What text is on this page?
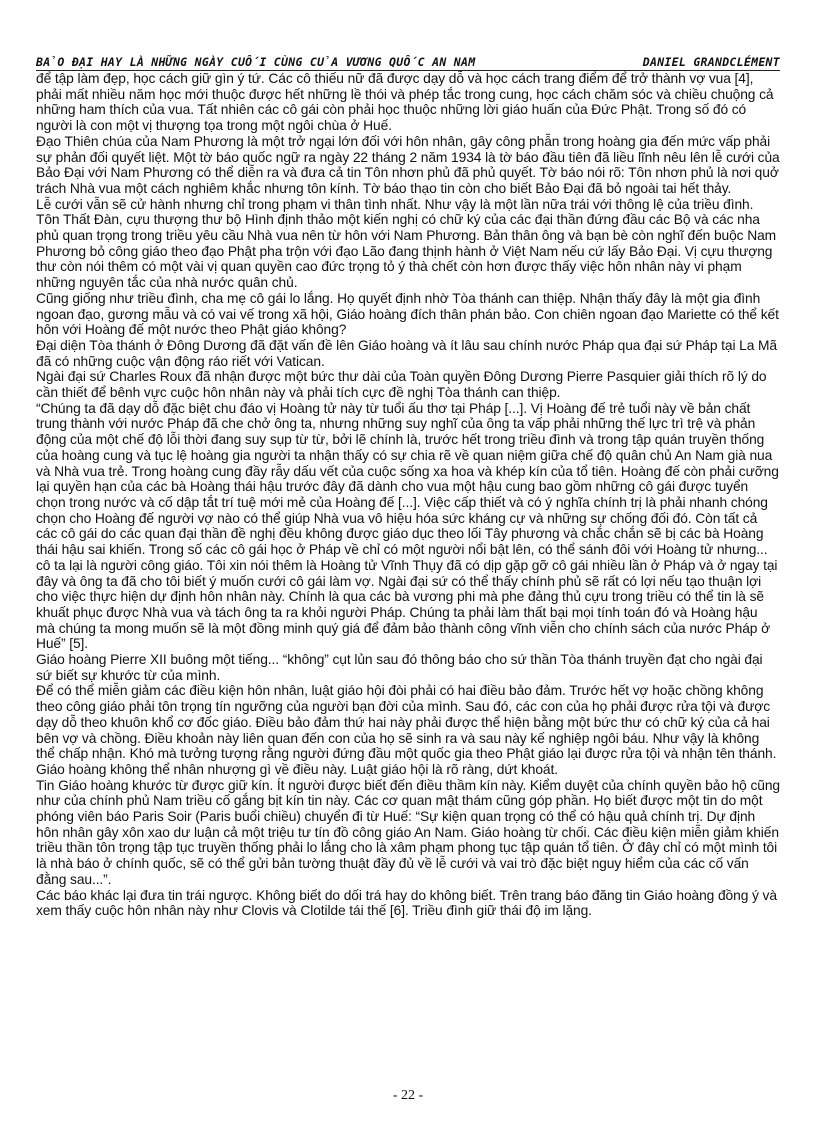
BẢO ĐẠI HAY LÀ NHỮNG NGÀY CUỐI CÙNG CỦA VƯƠNG QUỐC AN NAM	DANIEL GRANDCLÉMENT

để tập làm đẹp, học cách giữ gìn ý tứ. Các cô thiếu nữ đã được dạy dỗ và học cách trang điểm để trở thành vợ vua [4], phải mất nhiều năm học mới thuộc được hết những lề thói và phép tắc trong cung, học cách chăm sóc và chiều chuộng cả những ham thích của vua. Tất nhiên các cô gái còn phải học thuộc những lời giáo huấn của Đức Phật. Trong số đó có người là con một vị thượng tọa trong một ngôi chùa ở Huế.

Đạo Thiên chúa của Nam Phương là một trở ngại lớn đối với hôn nhân, gây công phẫn trong hoàng gia đến mức vấp phải sự phản đối quyết liệt. Một tờ báo quốc ngữ ra ngày 22 tháng 2 năm 1934 là tờ báo đầu tiên đã liều lĩnh nêu lên lễ cưới của Bảo Đại với Nam Phương có thể diễn ra và đưa cả tin Tôn nhơn phủ đã phủ quyết. Tờ báo nói rõ: Tôn nhơn phủ là nơi quở trách Nhà vua một cách nghiêm khắc nhưng tôn kính. Tờ báo thạo tin còn cho biết Bảo Đại đã bỏ ngoài tai hết thảy.

Lễ cưới vẫn sẽ cử hành nhưng chỉ trong phạm vi thân tình nhất. Như vậy là một lần nữa trái với thông lệ của triều đình.

Tôn Thất Đàn, cựu thượng thư bộ Hình định thảo một kiến nghị có chữ ký của các đại thần đứng đầu các Bộ và các nha phủ quan trọng trong triều yêu cầu Nhà vua nên từ hôn với Nam Phương. Bản thân ông và bạn bè còn nghĩ đến buộc Nam Phương bỏ công giáo theo đạo Phật pha trộn với đạo Lão đang thịnh hành ở Việt Nam nếu cứ lấy Bảo Đại. Vị cựu thượng thư còn nói thêm có một vài vị quan quyền cao đức trọng tỏ ý thà chết còn hơn được thấy việc hôn nhân này vi phạm những nguyên tắc của nhà nước quân chủ.

Cũng giống như triều đình, cha mẹ cô gái lo lắng. Họ quyết định nhờ Tòa thánh can thiệp. Nhận thấy đây là một gia đình ngoan đạo, gương mẫu và có vai vế trong xã hội, Giáo hoàng đích thân phán bảo. Con chiên ngoan đạo Mariette có thể kết hôn với Hoàng đế một nước theo Phật giáo không?

Đại diện Tòa thánh ở Đông Dương đã đặt vấn đề lên Giáo hoàng và ít lâu sau chính nước Pháp qua đại sứ Pháp tại La Mã đã có những cuộc vận động ráo riết với Vatican.

Ngài đại sứ Charles Roux đã nhận được một bức thư dài của Toàn quyền Đông Dương Pierre Pasquier giải thích rõ lý do cần thiết để bênh vực cuộc hôn nhân này và phải tích cực đề nghị Tòa thánh can thiệp.

“Chúng ta đã dạy dỗ đặc biệt chu đáo vị Hoàng tử này từ tuổi ấu thơ tại Pháp [...]. Vị Hoàng đế trẻ tuổi này về bản chất trung thành với nước Pháp đã che chở ông ta, nhưng những suy nghĩ của ông ta vấp phải những thế lực trì trệ và phản động của một chế độ lỗi thời đang suy sụp từ từ, bởi lẽ chính là, trước hết trong triều đình và trong tập quán truyền thống của hoàng cung và tục lệ hoàng gia người ta nhận thấy có sự chia rẽ về quan niệm giữa chế độ quân chủ An Nam già nua và Nhà vua trẻ. Trong hoàng cung đầy rẫy dấu vết của cuộc sống xa hoa và khép kín của tổ tiên. Hoàng đế còn phải cưỡng lại quyền hạn của các bà Hoàng thái hậu trước đây đã dành cho vua một hậu cung bao gồm những cô gái được tuyển chọn trong nước và cố dập tắt trí tuệ mới mẻ của Hoàng đế [...]. Việc cấp thiết và có ý nghĩa chính trị là phải nhanh chóng chọn cho Hoàng đế người vợ nào có thể giúp Nhà vua vô hiệu hóa sức kháng cự và những sự chống đối đó. Còn tất cả các cô gái do các quan đại thần đề nghị đều không được giáo dục theo lối Tây phương và chắc chắn sẽ bị các bà Hoàng thái hậu sai khiến. Trong số các cô gái học ở Pháp về chỉ có một người nổi bật lên, có thể sánh đôi với Hoàng tử nhưng... cô ta lại là người công giáo. Tôi xin nói thêm là Hoàng tử Vĩnh Thụy đã có dịp gặp gỡ cô gái nhiều lần ở Pháp và ở ngay tại đây và ông ta đã cho tôi biết ý muốn cưới cô gái làm vợ. Ngài đại sứ có thể thấy chính phủ sẽ rất có lợi nếu tạo thuận lợi cho việc thực hiện dự định hôn nhân này. Chính là qua các bà vương phi mà phe đảng thủ cựu trong triều có thể tin là sẽ khuất phục được Nhà vua và tách ông ta ra khỏi người Pháp. Chúng ta phải làm thất bại mọi tính toán đó và Hoàng hậu mà chúng ta mong muốn sẽ là một đồng minh quý giá để đảm bảo thành công vĩnh viễn cho chính sách của nước Pháp ở Huế” [5].

Giáo hoàng Pierre XII buông một tiếng... “không” cụt lủn sau đó thông báo cho sứ thần Tòa thánh truyền đạt cho ngài đại sứ biết sự khước từ của mình.

Để có thể miễn giảm các điều kiện hôn nhân, luật giáo hội đòi phải có hai điều bảo đảm. Trước hết vợ hoặc chồng không theo công giáo phải tôn trọng tín ngưỡng của người bạn đời của mình. Sau đó, các con của họ phải được rửa tội và được dạy dỗ theo khuôn khổ cơ đốc giáo. Điều bảo đảm thứ hai này phải được thể hiện bằng một bức thư có chữ ký của cả hai bên vợ và chồng. Điều khoản này liên quan đến con của họ sẽ sinh ra và sau này kế nghiệp ngôi báu. Như vậy là không thể chấp nhận. Khó mà tưởng tượng rằng người đứng đầu một quốc gia theo Phật giáo lại được rửa tội và nhận tên thánh. Giáo hoàng không thể nhân nhượng gì về điều này. Luật giáo hội là rõ ràng, dứt khoát.

Tin Giáo hoàng khước từ được giữ kín. Ít người được biết đến điều thầm kín này. Kiểm duyệt của chính quyền bảo hộ cũng như của chính phủ Nam triều cố gắng bịt kín tin này. Các cơ quan mật thám cũng góp phần. Họ biết được một tin do một phóng viên báo Paris Soir (Paris buổi chiều) chuyển đi từ Huế: “Sự kiện quan trọng có thể có hậu quả chính trị. Dự định hôn nhân gây xôn xao dư luận cả một triệu tư tín đồ công giáo An Nam. Giáo hoàng từ chối. Các điều kiện miễn giảm khiến triều thần tôn trọng tập tục truyền thống phải lo lắng cho là xâm phạm phong tục tập quán tổ tiên. Ở đây chỉ có một mình tôi là nhà báo ở chính quốc, sẽ có thể gửi bản tường thuật đầy đủ về lễ cưới và vai trò đặc biệt nguy hiểm của các cố vấn đằng sau...”.

Các báo khác lại đưa tin trái ngược. Không biết do dối trá hay do không biết. Trên trang báo đăng tin Giáo hoàng đồng ý và xem thấy cuộc hôn nhân này như Clovis và Clotilde tái thế [6]. Triều đình giữ thái độ im lặng.

- 22 -
